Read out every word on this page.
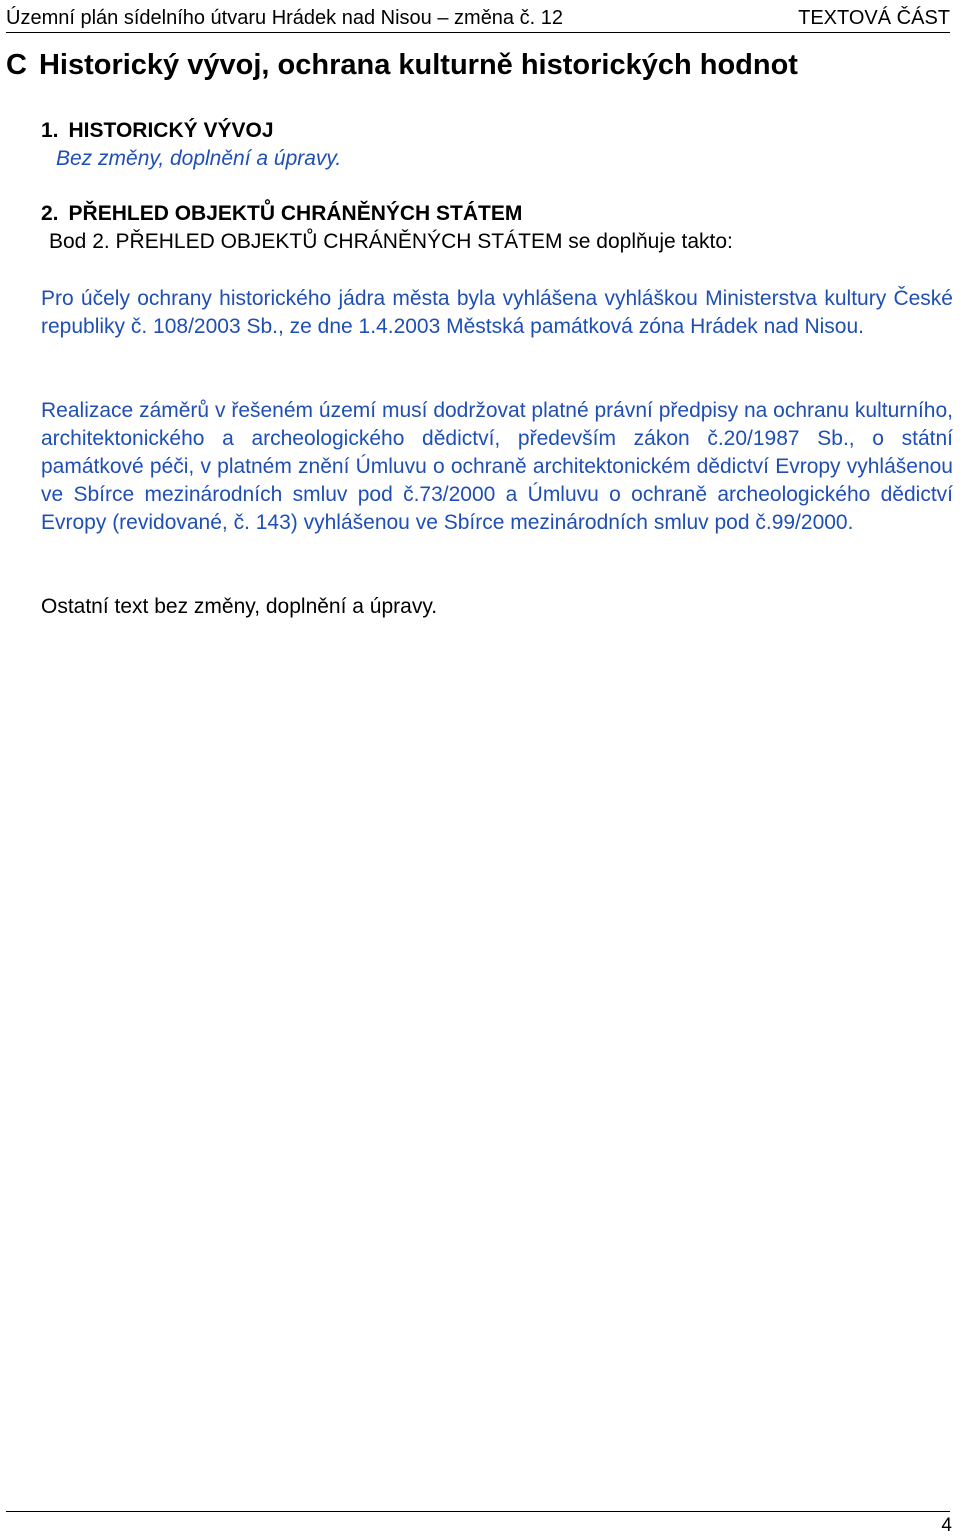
Územní plán sídelního útvaru Hrádek nad Nisou – změna č. 12	TEXTOVÁ ČÁST
C Historický vývoj, ochrana kulturně historických hodnot
1. HISTORICKÝ VÝVOJ
Bez změny, doplnění a úpravy.
2. PŘEHLED OBJEKTŮ CHRÁNĚNÝCH STÁTEM
Bod 2. PŘEHLED OBJEKTŮ CHRÁNĚNÝCH STÁTEM se doplňuje takto:

Pro účely ochrany historického jádra města byla vyhlášena vyhláškou Ministerstva kultury České republiky č. 108/2003 Sb., ze dne 1.4.2003 Městská památková zóna Hrádek nad Nisou.

Realizace záměrů v řešeném území musí dodržovat platné právní předpisy na ochranu kulturního, architektonického a archeologického dědictví, především zákon č.20/1987 Sb., o státní památkové péči, v platném znění Úmluvu o ochraně architektonickém dědictví Evropy vyhlášenou ve Sbírce mezinárodních smluv pod č.73/2000 a Úmluvu o ochraně archeologického dědictví Evropy (revidované, č. 143) vyhlášenou ve Sbírce mezinárodních smluv pod č.99/2000.

Ostatní text bez změny, doplnění a úpravy.

4
